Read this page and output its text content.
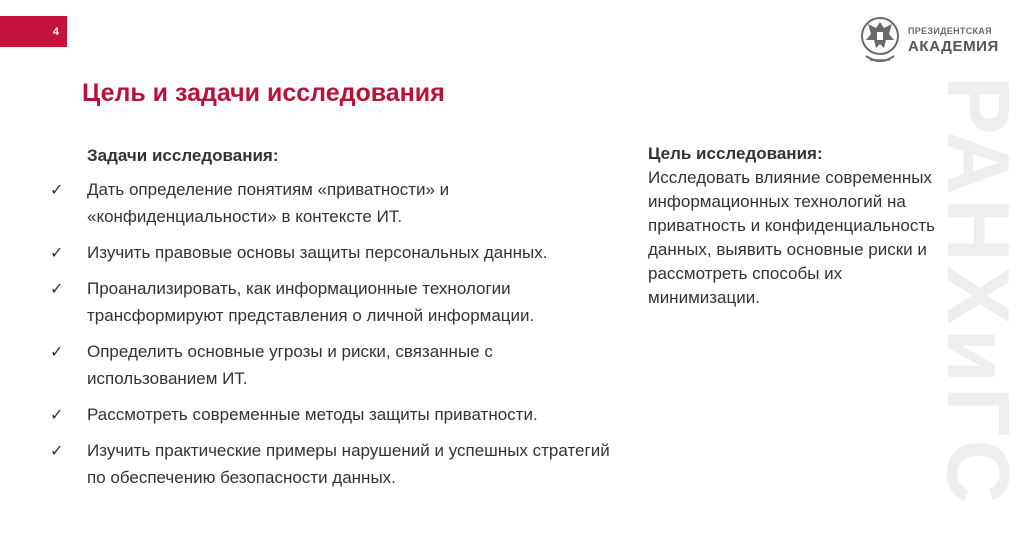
4	ПРЕЗИДЕНТСКАЯ
АКАДЕМИЯ
РАНХиГС
Цель и задачи исследования
Задачи исследования:
✓ Дать определение понятиям «приватности» и «конфиденциальности» в контексте ИТ.
✓ Изучить правовые основы защиты персональных данных.
✓ Проанализировать, как информационные технологии трансформируют представления о личной информации.
✓ Определить основные угрозы и риски, связанные с использованием ИТ.
✓ Рассмотреть современные методы защиты приватности.
✓ Изучить практические примеры нарушений и успешных стратегий по обеспечению безопасности данных.
Цель исследования:
Исследовать влияние современных информационных технологий на приватность и конфиденциальность данных, выявить основные риски и рассмотреть способы их минимизации.
